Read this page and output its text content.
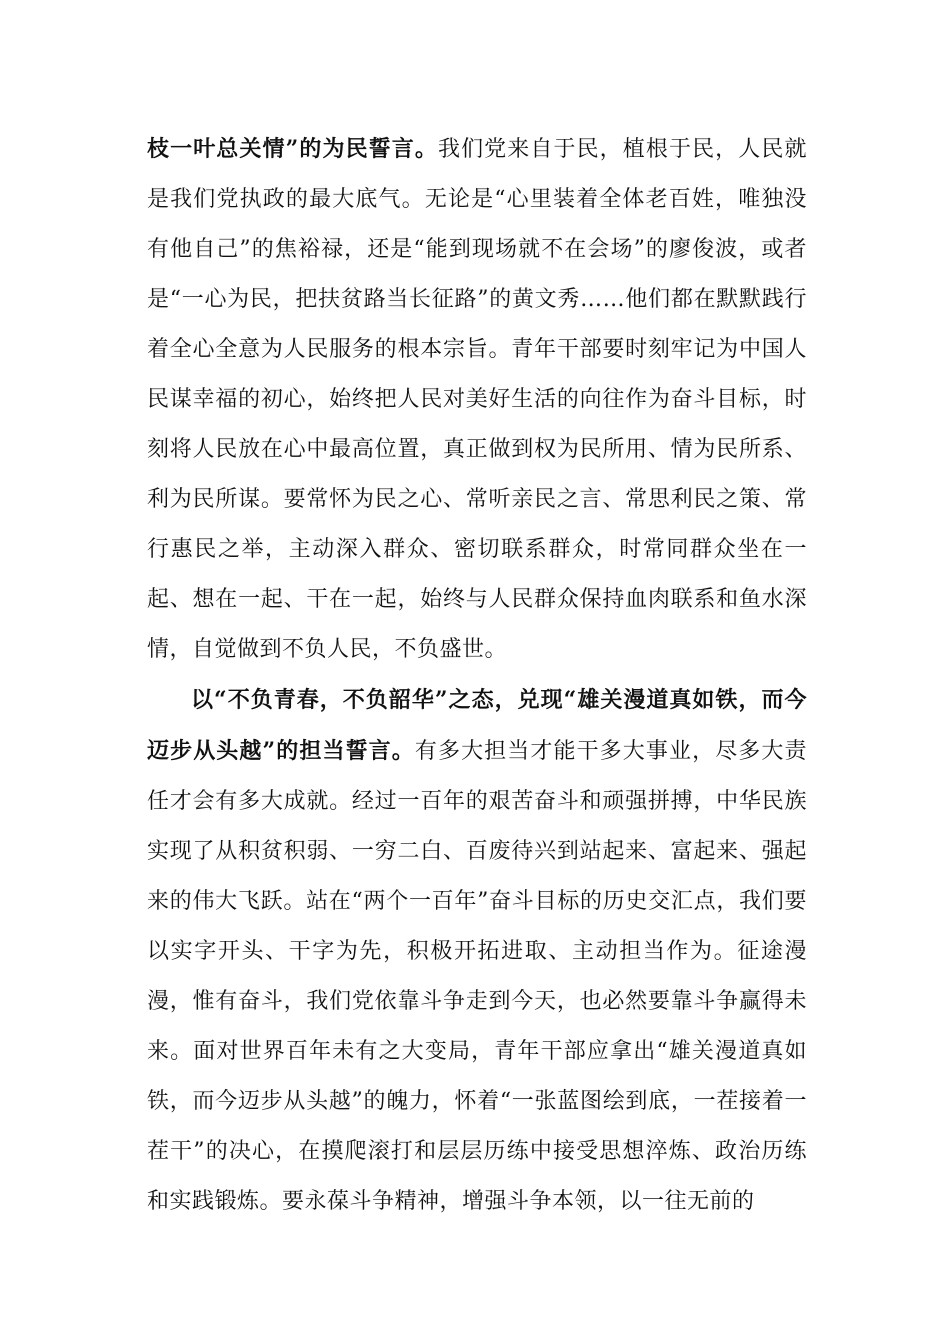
枝一叶总关情”的为民誓言。我们党来自于民，植根于民，人民就是我们党执政的最大底气。无论是“心里装着全体老百姓，唯独没有他自己”的焦裕禄，还是“能到现场就不在会场”的廖俊波，或者是“一心为民，把扶贫路当长征路”的黄文秀……他们都在默默践行着全心全意为人民服务的根本宗旨。青年干部要时刻牢记为中国人民谋幸福的初心，始终把人民对美好生活的向往作为奋斗目标，时刻将人民放在心中最高位置，真正做到权为民所用、情为民所系、利为民所谋。要常怀为民之心、常听亲民之言、常思利民之策、常行惠民之举，主动深入群众、密切联系群众，时常同群众坐在一起、想在一起、干在一起，始终与人民群众保持血肉联系和鱼水深情，自觉做到不负人民，不负盛世。

以“不负青春，不负韶华”之态，兑现“雄关漫道真如铁，而今迈步从头越”的担当誓言。有多大担当才能干多大事业，尽多大责任才会有多大成就。经过一百年的艰苦奋斗和顽强拼搏，中华民族实现了从积贫积弱、一穷二白、百废待兴到站起来、富起来、强起来的伟大飞跃。站在“两个一百年”奋斗目标的历史交汇点，我们要以实字开头、干字为先，积极开拓进取、主动担当作为。征途漫漫，惟有奋斗，我们党依靠斗争走到今天，也必然要靠斗争赢得未来。面对世界百年未有之大变局，青年干部应拿出“雄关漫道真如铁，而今迈步从头越”的魄力，怀着“一张蓝图绘到底，一茬接着一茬干”的决心，在摸爬滚打和层层历练中接受思想淬炼、政治历练和实践锻炼。要永葆斗争精神，增强斗争本领，以一往无前的
